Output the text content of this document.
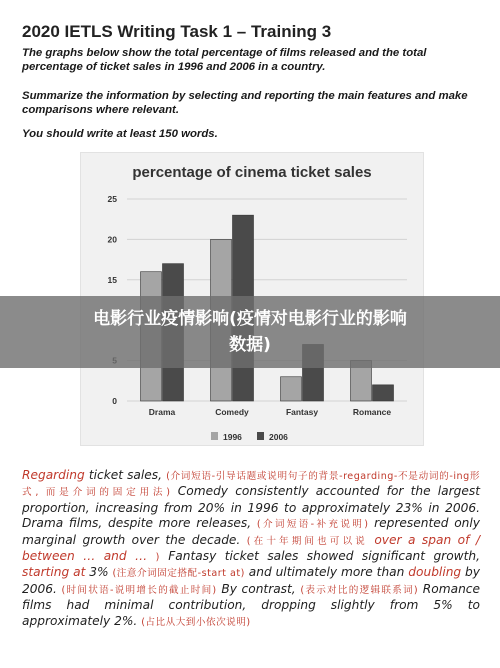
2020 IETLS Writing Task 1 – Training 3
The graphs below show the total percentage of films released and the total percentage of ticket sales in 1996 and 2006 in a country.
Summarize the information by selecting and reporting the main features and make comparisons where relevant.
You should write at least 150 words.
percentage of cinema ticket sales
0
15
20
25
Drama	Comedy	Fantasy	Romance
1996	2006
电影行业疫情影响(疫情对电影行业的影响数据)
Regarding ticket sales, (介词短语-引导话题或说明句子的背景-regarding-不是动词的-ing形式, 而是介词的固定用法) Comedy consistently accounted for the largest proportion, increasing from 20% in 1996 to approximately 23% in 2006. Drama films, despite more releases, (介词短语-补充说明) represented only marginal growth over the decade. (在十年期间也可以说 over a span of / between … and … ) Fantasy ticket sales showed significant growth, starting at 3% (注意介词固定搭配-start at) and ultimately more than doubling by 2006. (时间状语-说明增长的截止时间) By contrast, (表示对比的逻辑联系词) Romance films had minimal contribution, dropping slightly from 5% to approximately 2%. (占比从大到小依次说明)
